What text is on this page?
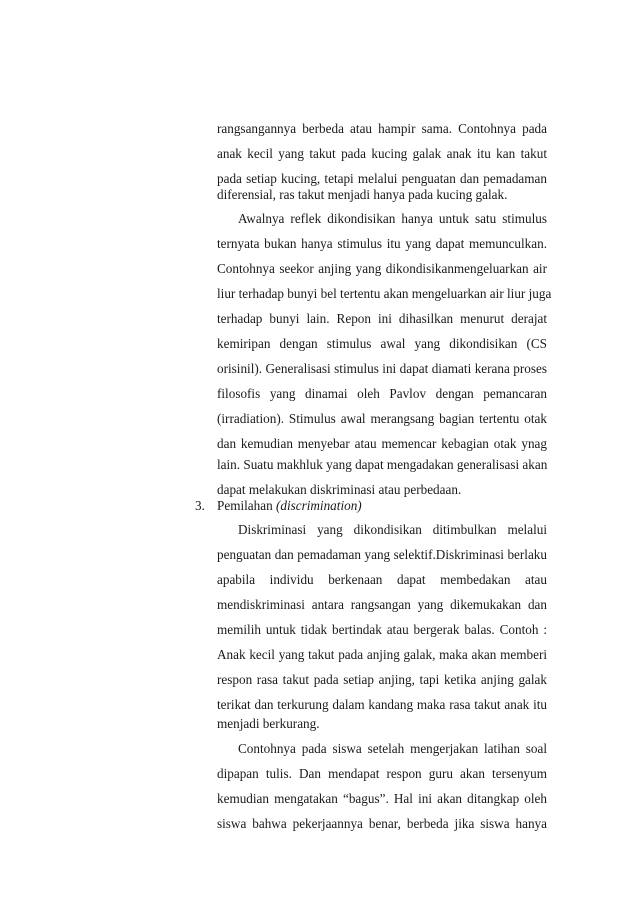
rangsangannya berbeda atau hampir sama. Contohnya pada
anak kecil yang takut pada kucing galak anak itu kan takut
pada setiap kucing, tetapi melalui penguatan dan pemadaman
diferensial, ras takut menjadi hanya pada kucing galak.
Awalnya reflek dikondisikan hanya untuk satu stimulus
ternyata bukan hanya stimulus itu yang dapat memunculkan.
Contohnya seekor anjing yang dikondisikanmengeluarkan air
liur terhadap bunyi bel tertentu akan mengeluarkan air liur juga
terhadap bunyi lain. Repon ini dihasilkan menurut derajat
kemiripan dengan stimulus awal yang dikondisikan (CS
orisinil). Generalisasi stimulus ini dapat diamati kerana proses
filosofis yang dinamai oleh Pavlov dengan pemancaran
(irradiation). Stimulus awal merangsang bagian tertentu otak
dan kemudian menyebar atau memencar kebagian otak ynag
lain. Suatu makhluk yang dapat mengadakan generalisasi akan
3. Pemilahan (discrimination)
Diskriminasi yang dikondisikan ditimbulkan melalui
penguatan dan pemadaman yang selektif.Diskriminasi berlaku
apabila individu berkenaan dapat membedakan atau
mendiskriminasi antara rangsangan yang dikemukakan dan
memilih untuk tidak bertindak atau bergerak balas. Contoh :
Anak kecil yang takut pada anjing galak, maka akan memberi
respon rasa takut pada setiap anjing, tapi ketika anjing galak
terikat dan terkurung dalam kandang maka rasa takut anak itu
menjadi berkurang.
Contohnya pada siswa setelah mengerjakan latihan soal
dipapan tulis. Dan mendapat respon guru akan tersenyum
kemudian mengatakan “bagus”. Hal ini akan ditangkap oleh
siswa bahwa pekerjaannya benar, berbeda jika siswa hanya
dapat melakukan diskriminasi atau perbedaan.
